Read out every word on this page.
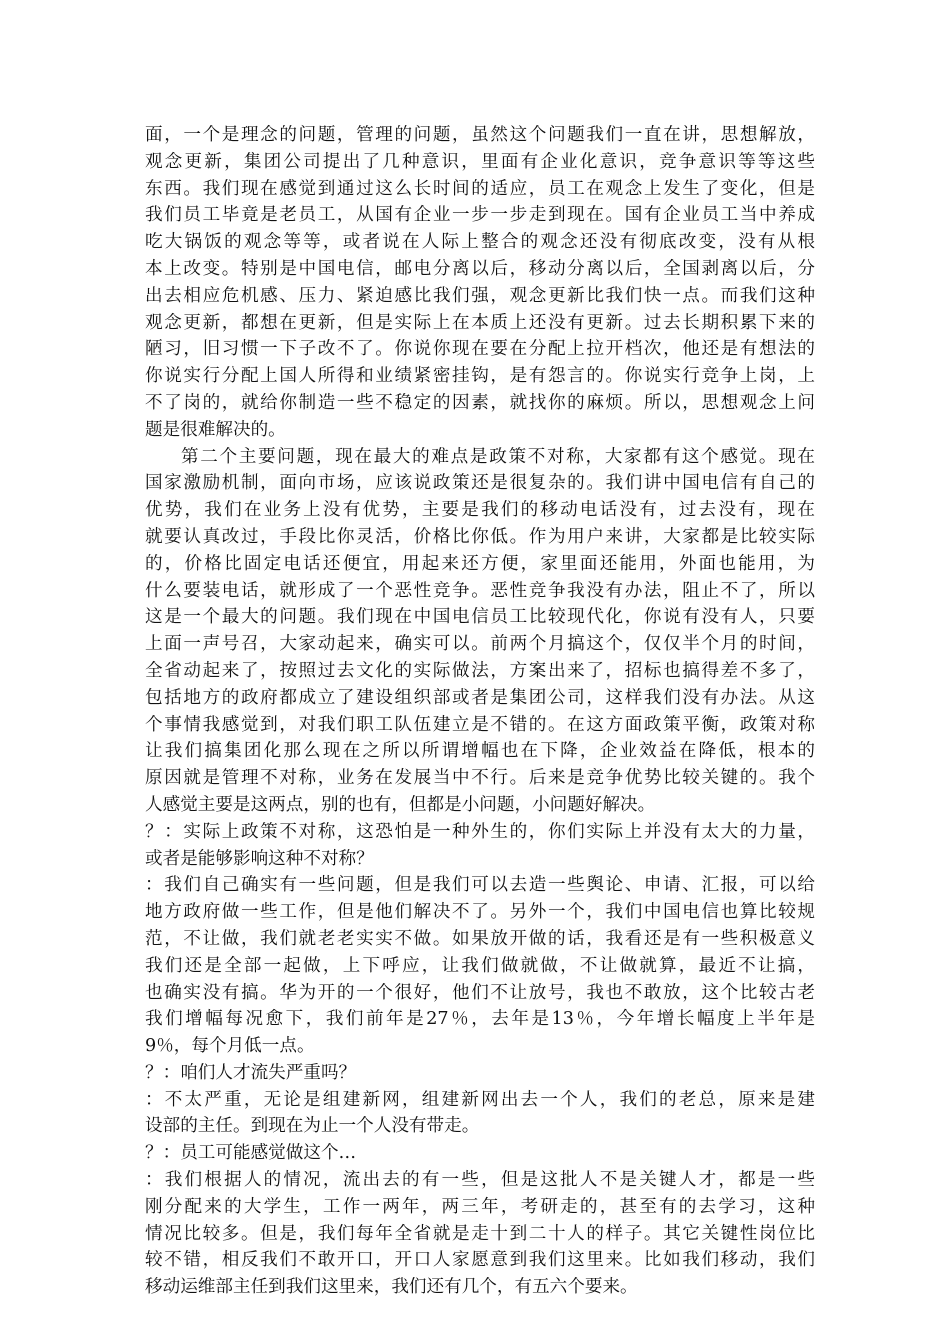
面，一个是理念的问题，管理的问题，虽然这个问题我们一直在讲，思想解放，
观念更新，集团公司提出了几种意识，里面有企业化意识，竞争意识等等这些
东西。我们现在感觉到通过这么长时间的适应，员工在观念上发生了变化，但是
我们员工毕竟是老员工，从国有企业一步一步走到现在。国有企业员工当中养成
吃大锅饭的观念等等，或者说在人际上整合的观念还没有彻底改变，没有从根
本上改变。特别是中国电信，邮电分离以后，移动分离以后，全国剥离以后，分
出去相应危机感、压力、紧迫感比我们强，观念更新比我们快一点。而我们这种
观念更新，都想在更新，但是实际上在本质上还没有更新。过去长期积累下来的
陋习，旧习惯一下子改不了。你说你现在要在分配上拉开档次，他还是有想法的
你说实行分配上国人所得和业绩紧密挂钩，是有怨言的。你说实行竞争上岗，上
不了岗的，就给你制造一些不稳定的因素，就找你的麻烦。所以，思想观念上问
题是很难解决的。
第二个主要问题，现在最大的难点是政策不对称，大家都有这个感觉。现在
国家激励机制，面向市场，应该说政策还是很复杂的。我们讲中国电信有自己的
优势，我们在业务上没有优势，主要是我们的移动电话没有，过去没有，现在
就要认真改过，手段比你灵活，价格比你低。作为用户来讲，大家都是比较实际
的，价格比固定电话还便宜，用起来还方便，家里面还能用，外面也能用，为
什么要装电话，就形成了一个恶性竞争。恶性竞争我没有办法，阻止不了，所以
这是一个最大的问题。我们现在中国电信员工比较现代化，你说有没有人，只要
上面一声号召，大家动起来，确实可以。前两个月搞这个，仅仅半个月的时间，
全省动起来了，按照过去文化的实际做法，方案出来了，招标也搞得差不多了，
包括地方的政府都成立了建设组织部或者是集团公司，这样我们没有办法。从这
个事情我感觉到，对我们职工队伍建立是不错的。在这方面政策平衡，政策对称
让我们搞集团化那么现在之所以所谓增幅也在下降，企业效益在降低，根本的
原因就是管理不对称，业务在发展当中不行。后来是竞争优势比较关键的。我个
人感觉主要是这两点，别的也有，但都是小问题，小问题好解决。
？：实际上政策不对称，这恐怕是一种外生的，你们实际上并没有太大的力量，
或者是能够影响这种不对称？
：我们自己确实有一些问题，但是我们可以去造一些舆论、申请、汇报，可以给
地方政府做一些工作，但是他们解决不了。另外一个，我们中国电信也算比较规
范，不让做，我们就老老实实不做。如果放开做的话，我看还是有一些积极意义
我们还是全部一起做，上下呼应，让我们做就做，不让做就算，最近不让搞，
也确实没有搞。华为开的一个很好，他们不让放号，我也不敢放，这个比较古老
我们增幅每况愈下，我们前年是27％，去年是13％，今年增长幅度上半年是
9％，每个月低一点。
？：咱们人才流失严重吗？
：不太严重，无论是组建新网，组建新网出去一个人，我们的老总，原来是建
设部的主任。到现在为止一个人没有带走。
？：员工可能感觉做这个…
：我们根据人的情况，流出去的有一些，但是这批人不是关键人才，都是一些
刚分配来的大学生，工作一两年，两三年，考研走的，甚至有的去学习，这种
情况比较多。但是，我们每年全省就是走十到二十人的样子。其它关键性岗位比
较不错，相反我们不敢开口，开口人家愿意到我们这里来。比如我们移动，我们
移动运维部主任到我们这里来，我们还有几个，有五六个要来。
